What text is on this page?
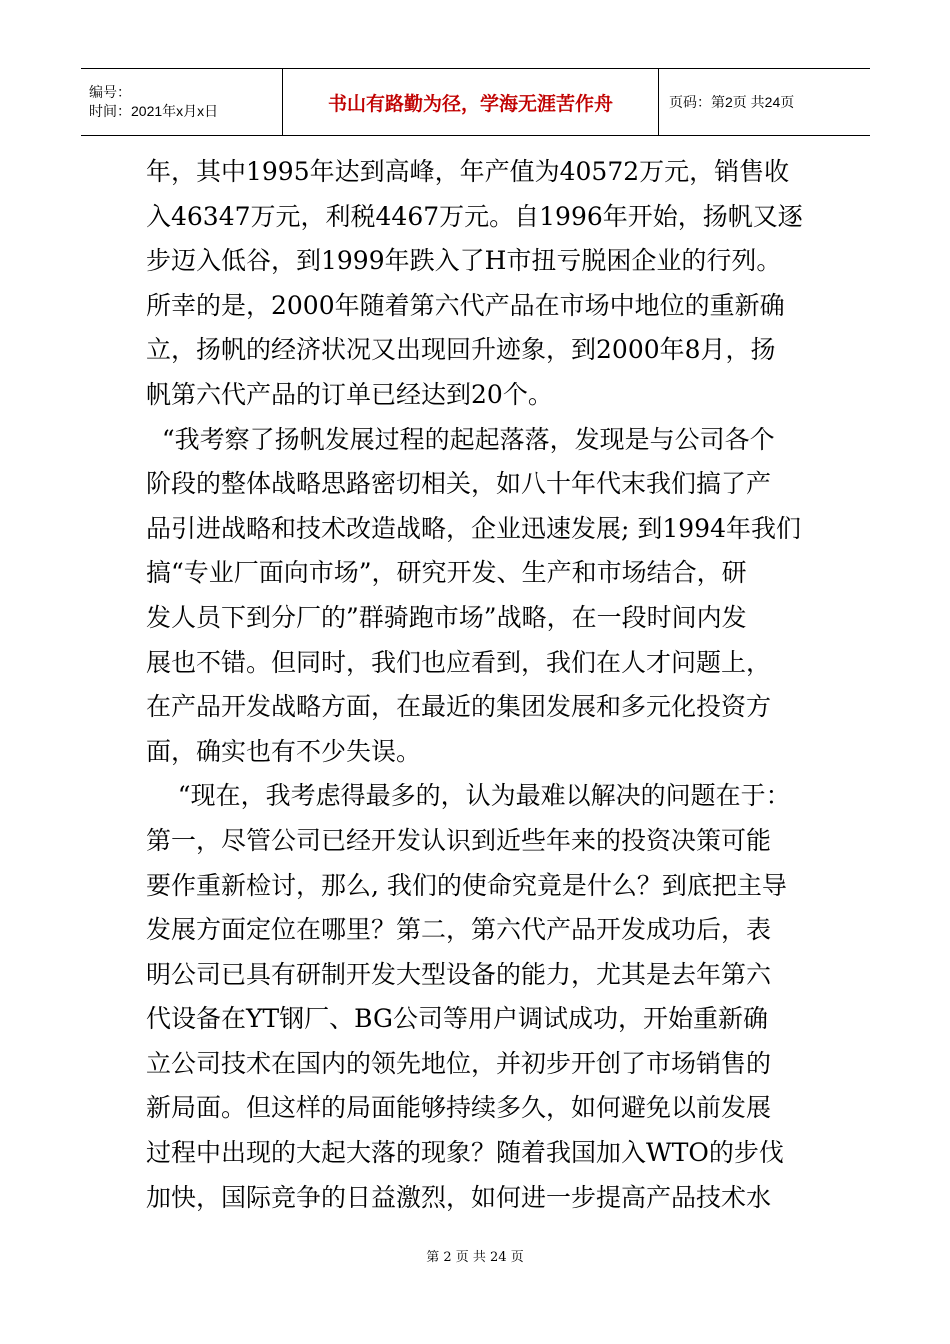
编号：
时间：2021年x月x日	书山有路勤为径，学海无涯苦作舟	页码：第2页 共24页

年，其中1995年达到高峰，年产值为40572万元，销售收

入46347万元，利税4467万元。自1996年开始，扬帆又逐

步迈入低谷，到1999年跌入了H市扭亏脱困企业的行列。

所幸的是，2000年随着第六代产品在市场中地位的重新确

立，扬帆的经济状况又出现回升迹象，到2000年8月，扬

帆第六代产品的订单已经达到20个。

“我考察了扬帆发展过程的起起落落，发现是与公司各个

阶段的整体战略思路密切相关，如八十年代末我们搞了产

品引进战略和技术改造战略，企业迅速发展; 到1994年我们

搞“专业厂面向市场”，研究开发、生产和市场结合，研

发人员下到分厂的”群骑跑市场”战略，在一段时间内发

展也不错。但同时，我们也应看到，我们在人才问题上，

在产品开发战略方面，在最近的集团发展和多元化投资方

面，确实也有不少失误。

“现在，我考虑得最多的，认为最难以解决的问题在于：

第一，尽管公司已经开发认识到近些年来的投资决策可能

要作重新检讨，那么, 我们的使命究竟是什么？到底把主导

发展方面定位在哪里？第二，第六代产品开发成功后，表

明公司已具有研制开发大型设备的能力，尤其是去年第六

代设备在YT钢厂、BG公司等用户调试成功，开始重新确

立公司技术在国内的领先地位，并初步开创了市场销售的

新局面。但这样的局面能够持续多久，如何避免以前发展

过程中出现的大起大落的现象？随着我国加入WTO的步伐

加快，国际竞争的日益激烈，如何进一步提高产品技术水

第 2 页 共 24 页
